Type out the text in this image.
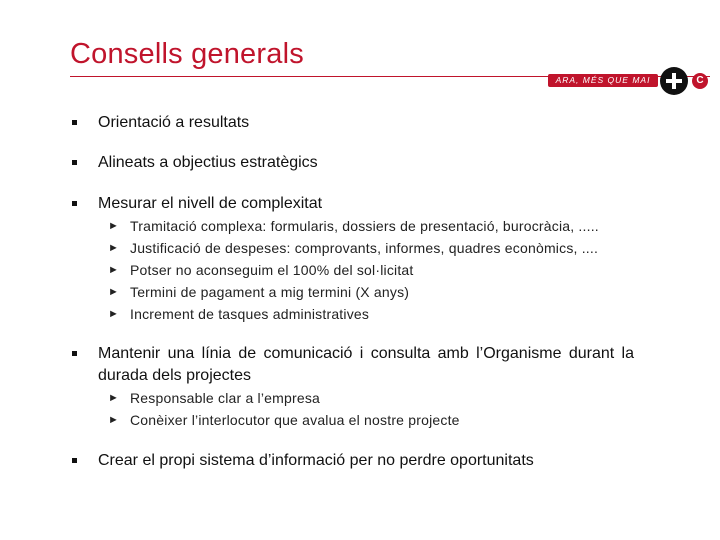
Consells generals
ARA, MÉS QUE MAI	C
Orientació a resultats
Alineats a objectius estratègics
Mesurar el nivell de complexitat
► Tramitació complexa: formularis, dossiers de presentació, burocràcia, .....
► Justificació de despeses: comprovants, informes, quadres econòmics, ....
► Potser no aconseguim el 100% del sol·licitat
► Termini de pagament a mig termini (X anys)
► Increment de tasques administratives
Mantenir una línia de comunicació i consulta amb l’Organisme durant la durada dels projectes
► Responsable clar a l’empresa
► Conèixer l’interlocutor que avalua el nostre projecte
Crear el propi sistema d’informació per no perdre oportunitats
